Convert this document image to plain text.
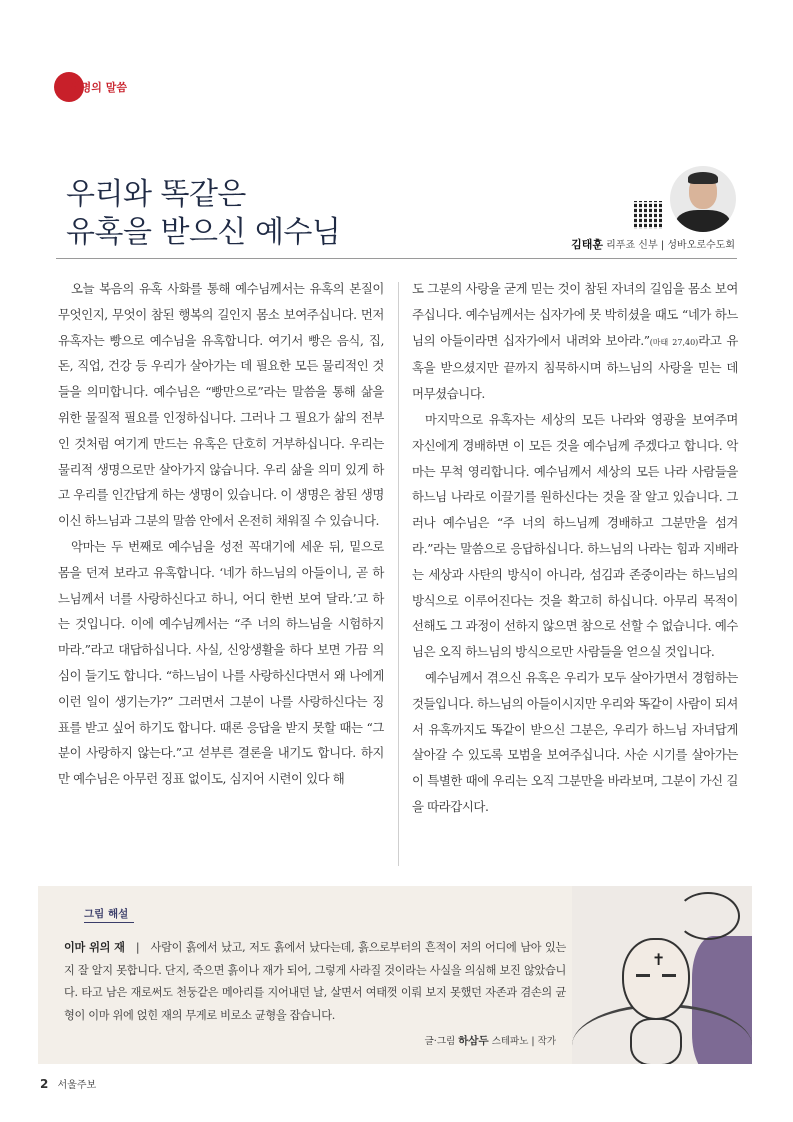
생명의 말씀
우리와 똑같은
유혹을 받으신 예수님	김태훈 리푸죠 신부 | 성바오로수도회

오늘 복음의 유혹 사화를 통해 예수님께서는 유혹의 본질이 무엇인지, 무엇이 참된 행복의 길인지 몸소 보여주십니다. 먼저 유혹자는 빵으로 예수님을 유혹합니다. 여기서 빵은 음식, 집, 돈, 직업, 건강 등 우리가 살아가는 데 필요한 모든 물리적인 것들을 의미합니다. 예수님은 “빵만으로”라는 말씀을 통해 삶을 위한 물질적 필요를 인정하십니다. 그러나 그 필요가 삶의 전부인 것처럼 여기게 만드는 유혹은 단호히 거부하십니다. 우리는 물리적 생명으로만 살아가지 않습니다. 우리 삶을 의미 있게 하고 우리를 인간답게 하는 생명이 있습니다. 이 생명은 참된 생명이신 하느님과 그분의 말씀 안에서 온전히 채워질 수 있습니다.

악마는 두 번째로 예수님을 성전 꼭대기에 세운 뒤, 밑으로 몸을 던져 보라고 유혹합니다. ‘네가 하느님의 아들이니, 곧 하느님께서 너를 사랑하신다고 하니, 어디 한번 보여 달라.’고 하는 것입니다. 이에 예수님께서는 “주 너의 하느님을 시험하지 마라.”라고 대답하십니다. 사실, 신앙생활을 하다 보면 가끔 의심이 들기도 합니다. “하느님이 나를 사랑하신다면서 왜 나에게 이런 일이 생기는가?” 그러면서 그분이 나를 사랑하신다는 징표를 받고 싶어 하기도 합니다. 때론 응답을 받지 못할 때는 “그분이 사랑하지 않는다.”고 섣부른 결론을 내기도 합니다. 하지만 예수님은 아무런 징표 없이도, 심지어 시련이 있다 해

도 그분의 사랑을 굳게 믿는 것이 참된 자녀의 길임을 몸소 보여주십니다. 예수님께서는 십자가에 못 박히셨을 때도 “네가 하느님의 아들이라면 십자가에서 내려와 보아라.”(마태 27,40)라고 유혹을 받으셨지만 끝까지 침묵하시며 하느님의 사랑을 믿는 데 머무셨습니다.

마지막으로 유혹자는 세상의 모든 나라와 영광을 보여주며 자신에게 경배하면 이 모든 것을 예수님께 주겠다고 합니다. 악마는 무척 영리합니다. 예수님께서 세상의 모든 나라 사람들을 하느님 나라로 이끌기를 원하신다는 것을 잘 알고 있습니다. 그러나 예수님은 “주 너의 하느님께 경배하고 그분만을 섬겨라.”라는 말씀으로 응답하십니다. 하느님의 나라는 힘과 지배라는 세상과 사탄의 방식이 아니라, 섬김과 존중이라는 하느님의 방식으로 이루어진다는 것을 확고히 하십니다. 아무리 목적이 선해도 그 과정이 선하지 않으면 참으로 선할 수 없습니다. 예수님은 오직 하느님의 방식으로만 사람들을 얻으실 것입니다.

예수님께서 겪으신 유혹은 우리가 모두 살아가면서 경험하는 것들입니다. 하느님의 아들이시지만 우리와 똑같이 사람이 되셔서 유혹까지도 똑같이 받으신 그분은, 우리가 하느님 자녀답게 살아갈 수 있도록 모범을 보여주십니다. 사순 시기를 살아가는 이 특별한 때에 우리는 오직 그분만을 바라보며, 그분이 가신 길을 따라갑시다.

그림 해설
이마 위의 재 | 사람이 흙에서 났고, 저도 흙에서 났다는데, 흙으로부터의 흔적이 저의 어디에 남아 있는지 잘 알지 못합니다. 단지, 죽으면 흙이나 재가 되어, 그렇게 사라질 것이라는 사실을 의심해 보진 않았습니다. 타고 남은 재로써도 천둥같은 메아리를 지어내던 날, 살면서 여태껏 이뤄 보지 못했던 자존과 겸손의 균형이 이마 위에 얹힌 재의 무게로 비로소 균형을 잡습니다.
글·그림 하삼두 스테파노 | 작가
✝
2 서울주보
